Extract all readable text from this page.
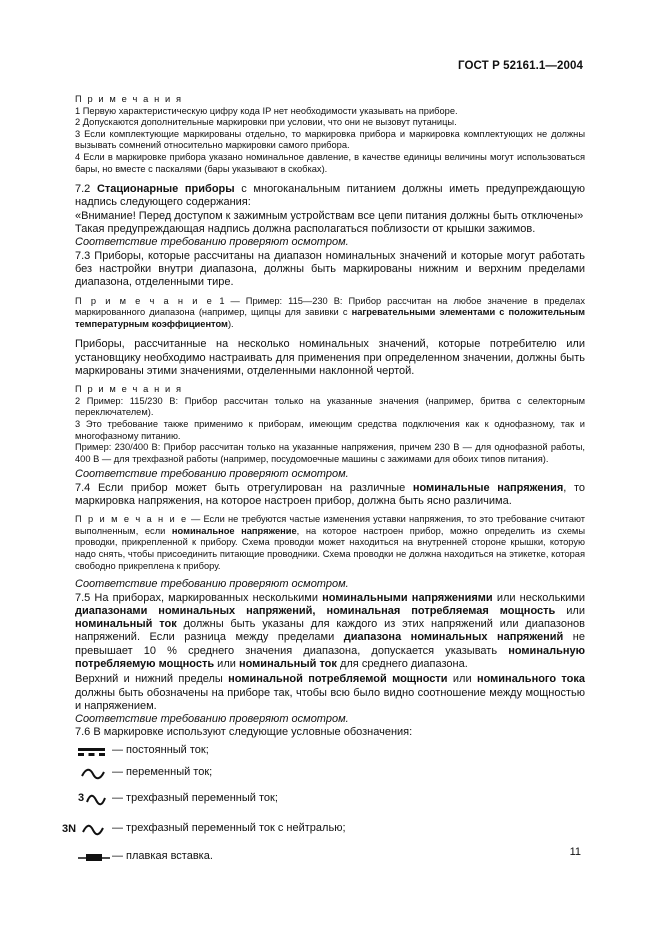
ГОСТ Р 52161.1—2004

П р и м е ч а н и я

1 Первую характеристическую цифру кода IP нет необходимости указывать на приборе.

2 Допускаются дополнительные маркировки при условии, что они не вызовут путаницы.

3 Если комплектующие маркированы отдельно, то маркировка прибора и маркировка комплектующих не должны вызывать сомнений относительно маркировки самого прибора.

4 Если в маркировке прибора указано номинальное давление, в качестве единицы величины могут использоваться бары, но вместе с паскалями (бары указывают в скобках).

7.2 Стационарные приборы с многоканальным питанием должны иметь предупреждающую надпись следующего содержания:

«Внимание! Перед доступом к зажимным устройствам все цепи питания должны быть отключены»

Такая предупреждающая надпись должна располагаться поблизости от крышки зажимов.

Соответствие требованию проверяют осмотром.

7.3 Приборы, которые рассчитаны на диапазон номинальных значений и которые могут работать без настройки внутри диапазона, должны быть маркированы нижним и верхним пределами диапазона, отделенными тире.

П р и м е ч а н и е 1 — Пример: 115—230 В: Прибор рассчитан на любое значение в пределах маркированного диапазона (например, щипцы для завивки с нагревательными элементами с положительным температурным коэффициентом).

Приборы, рассчитанные на несколько номинальных значений, которые потребителю или установщику необходимо настраивать для применения при определенном значении, должны быть маркированы этими значениями, отделенными наклонной чертой.

П р и м е ч а н и я

2 Пример: 115/230 В: Прибор рассчитан только на указанные значения (например, бритва с селекторным переключателем).

3 Это требование также применимо к приборам, имеющим средства подключения как к однофазному, так и многофазному питанию.

Пример: 230/400 В: Прибор рассчитан только на указанные напряжения, причем 230 В — для однофазной работы, 400 В — для трехфазной работы (например, посудомоечные машины с зажимами для обоих типов питания).

Соответствие требованию проверяют осмотром.

7.4 Если прибор может быть отрегулирован на различные номинальные напряжения, то маркировка напряжения, на которое настроен прибор, должна быть ясно различима.

П р и м е ч а н и е — Если не требуются частые изменения уставки напряжения, то это требование считают выполненным, если номинальное напряжение, на которое настроен прибор, можно определить из схемы проводки, прикрепленной к прибору. Схема проводки может находиться на внутренней стороне крышки, которую надо снять, чтобы присоединить питающие проводники. Схема проводки не должна находиться на этикетке, которая свободно прикреплена к прибору.

Соответствие требованию проверяют осмотром.

7.5 На приборах, маркированных несколькими номинальными напряжениями или несколькими диапазонами номинальных напряжений, номинальная потребляемая мощность или номинальный ток должны быть указаны для каждого из этих напряжений или диапазонов напряжений. Если разница между пределами диапазона номинальных напряжений не превышает 10 % среднего значения диапазона, допускается указывать номинальную потребляемую мощность или номинальный ток для среднего диапазона.

Верхний и нижний пределы номинальной потребляемой мощности или номинального тока должны быть обозначены на приборе так, чтобы всю было видно соотношение между мощностью и напряжением.

Соответствие требованию проверяют осмотром.

7.6 В маркировке используют следующие условные обозначения:

— постоянный ток;
— переменный ток;
3	— трехфазный переменный ток;
3N	— трехфазный переменный ток с нейтралью;
— плавкая вставка.	11
